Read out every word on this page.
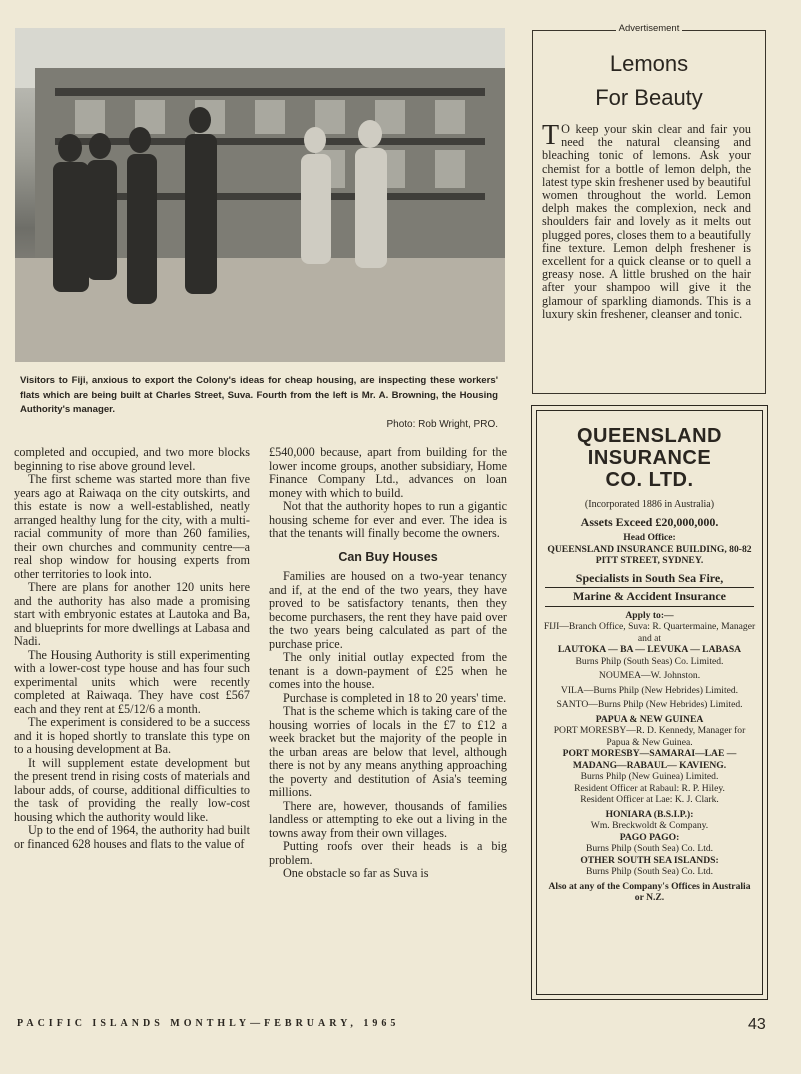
Visitors to Fiji, anxious to export the Colony's ideas for cheap housing, are inspecting these workers' flats which are being built at Charles Street, Suva. Fourth from the left is Mr. A. Browning, the Housing Authority's manager.
Photo: Rob Wright, PRO.

completed and occupied, and two more blocks beginning to rise above ground level.

The first scheme was started more than five years ago at Raiwaqa on the city outskirts, and this estate is now a well-established, neatly arranged healthy lung for the city, with a multi-racial community of more than 260 families, their own churches and community centre—a real shop window for housing experts from other territories to look into.

There are plans for another 120 units here and the authority has also made a promising start with embryonic estates at Lautoka and Ba, and blueprints for more dwellings at Labasa and Nadi.

The Housing Authority is still experimenting with a lower-cost type house and has four such experimental units which were recently completed at Raiwaqa. They have cost £567 each and they rent at £5/12/6 a month.

The experiment is considered to be a success and it is hoped shortly to translate this type on to a housing development at Ba.

It will supplement estate development but the present trend in rising costs of materials and labour adds, of course, additional difficulties to the task of providing the really low-cost housing which the authority would like.

Up to the end of 1964, the authority had built or financed 628 houses and flats to the value of

£540,000 because, apart from building for the lower income groups, another subsidiary, Home Finance Company Ltd., advances on loan money with which to build.

Not that the authority hopes to run a gigantic housing scheme for ever and ever. The idea is that the tenants will finally become the owners.

Can Buy Houses

Families are housed on a two-year tenancy and if, at the end of the two years, they have proved to be satisfactory tenants, then they become purchasers, the rent they have paid over the two years being calculated as part of the purchase price.

The only initial outlay expected from the tenant is a down-payment of £25 when he comes into the house.

Purchase is completed in 18 to 20 years' time.

That is the scheme which is taking care of the housing worries of locals in the £7 to £12 a week bracket but the majority of the people in the urban areas are below that level, although there is not by any means anything approaching the poverty and destitution of Asia's teeming millions.

There are, however, thousands of families landless or attempting to eke out a living in the towns away from their own villages.

Putting roofs over their heads is a big problem.

One obstacle so far as Suva is

Advertisement
Lemons
For Beauty
T O keep your skin clear and fair you need the natural cleansing and bleaching tonic of lemons. Ask your chemist for a bottle of lemon delph, the latest type skin freshener used by beautiful women throughout the world. Lemon delph makes the complexion, neck and shoulders fair and lovely as it melts out plugged pores, closes them to a beautifully fine texture. Lemon delph freshener is excellent for a quick cleanse or to quell a greasy nose. A little brushed on the hair after your shampoo will give it the glamour of sparkling diamonds. This is a luxury skin freshener, cleanser and tonic.
QUEENSLAND
INSURANCE
CO. LTD.
(Incorporated 1886 in Australia)
Assets Exceed £20,000,000.
Head Office:
QUEENSLAND INSURANCE BUILDING, 80-82 PITT STREET, SYDNEY.
Specialists in South Sea Fire,
Marine & Accident Insurance
Apply to:—
FIJI—Branch Office, Suva: R. Quartermaine, Manager and at
LAUTOKA — BA — LEVUKA — LABASA
Burns Philp (South Seas) Co. Limited.
NOUMEA—W. Johnston.
VILA—Burns Philp (New Hebrides) Limited.
SANTO—Burns Philp (New Hebrides) Limited.
PAPUA & NEW GUINEA
PORT MORESBY—R. D. Kennedy, Manager for Papua & New Guinea.
PORT MORESBY—SAMARAI—LAE —MADANG—RABAUL— KAVIENG.
Burns Philp (New Guinea) Limited.
Resident Officer at Rabaul: R. P. Hiley.
Resident Officer at Lae: K. J. Clark.
HONIARA (B.S.I.P.):
Wm. Breckwoldt & Company.
PAGO PAGO:
Burns Philp (South Sea) Co. Ltd.
OTHER SOUTH SEA ISLANDS:
Burns Philp (South Sea) Co. Ltd.
Also at any of the Company's Offices in Australia or N.Z.
PACIFIC ISLANDS MONTHLY—FEBRUARY, 1965	43
